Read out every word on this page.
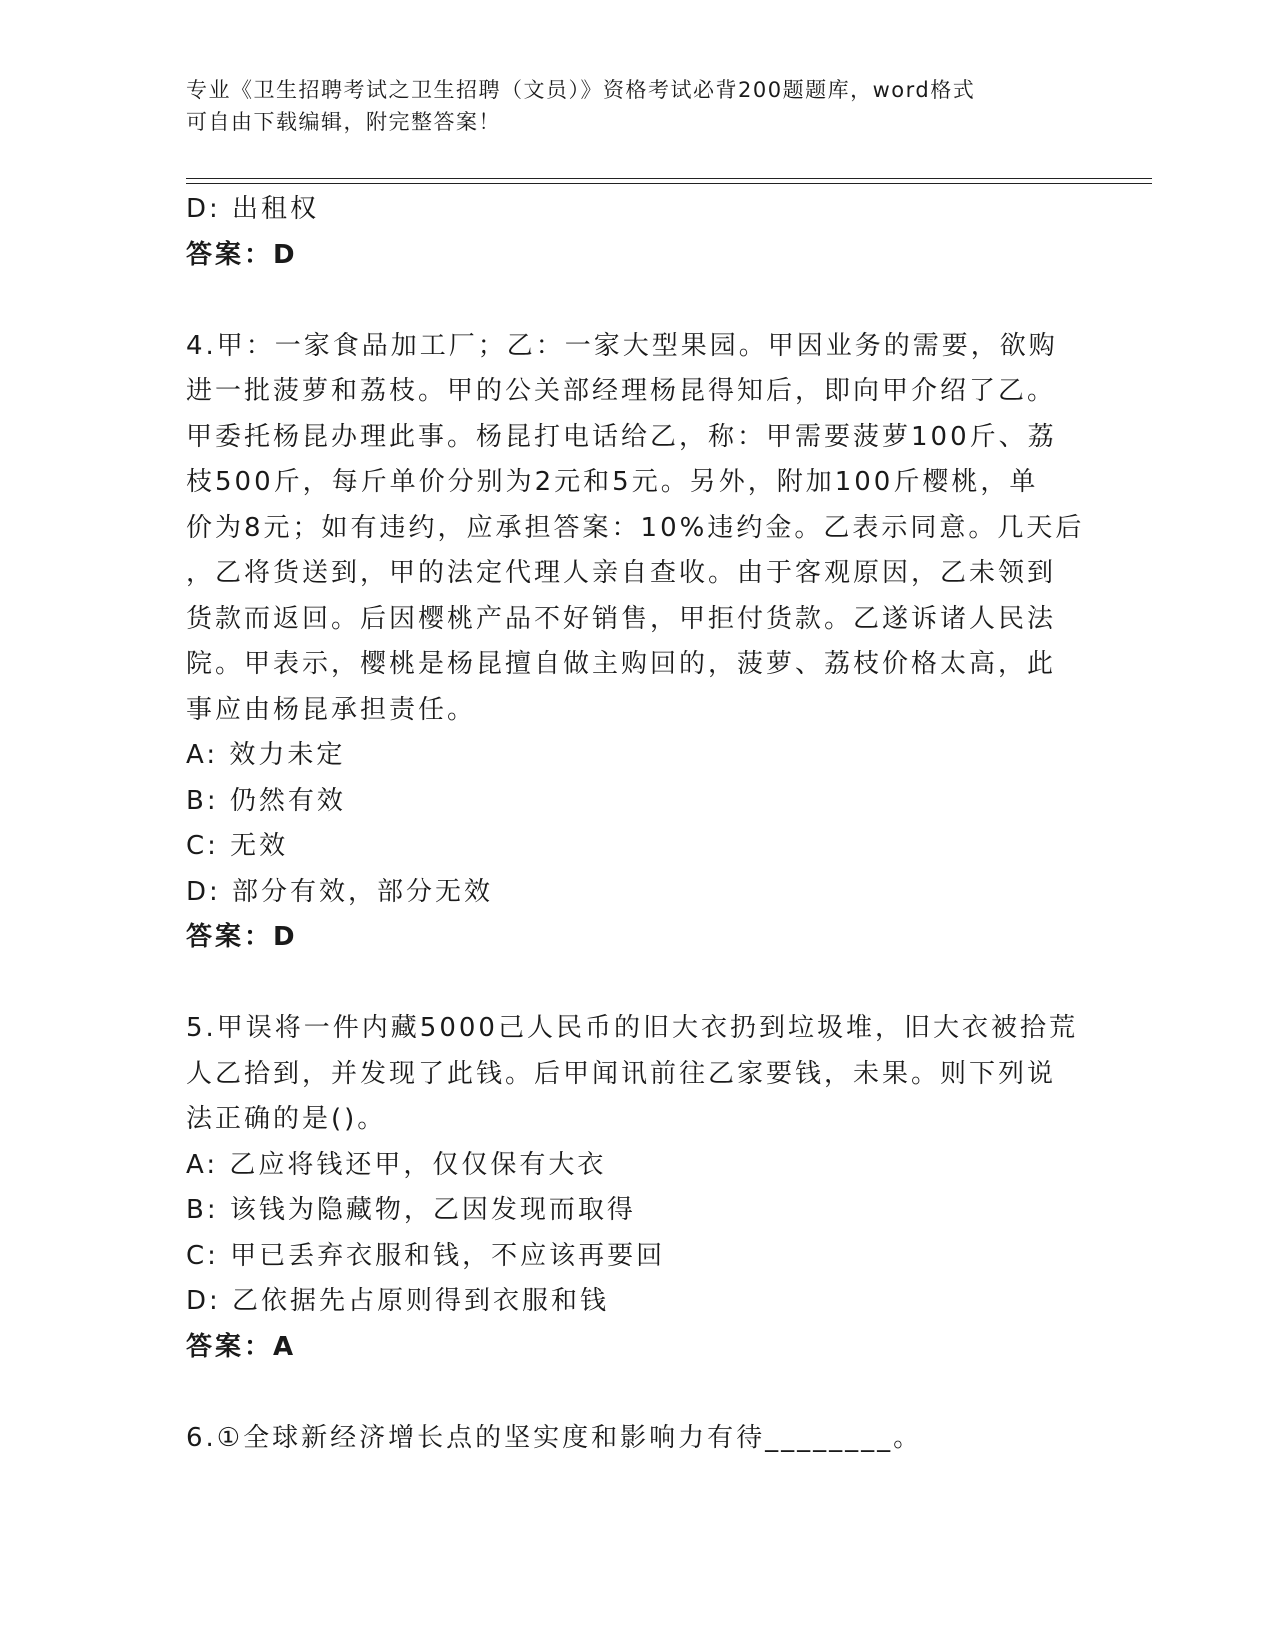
专业《卫生招聘考试之卫生招聘（文员）》资格考试必背200题题库，word格式
可自由下载编辑，附完整答案！
D: 出租权
答案：D
4.甲：一家食品加工厂；乙：一家大型果园。甲因业务的需要，欲购
进一批菠萝和荔枝。甲的公关部经理杨昆得知后，即向甲介绍了乙。
甲委托杨昆办理此事。杨昆打电话给乙，称：甲需要菠萝100斤、荔
枝500斤，每斤单价分别为2元和5元。另外，附加100斤樱桃，单
价为8元；如有违约，应承担答案：10%违约金。乙表示同意。几天后
，乙将货送到，甲的法定代理人亲自查收。由于客观原因，乙未领到
货款而返回。后因樱桃产品不好销售，甲拒付货款。乙遂诉诸人民法
院。甲表示，樱桃是杨昆擅自做主购回的，菠萝、荔枝价格太高，此
事应由杨昆承担责任。
A: 效力未定
B: 仍然有效
C: 无效
D: 部分有效，部分无效
答案：D
5.甲误将一件内藏5000己人民币的旧大衣扔到垃圾堆，旧大衣被拾荒
人乙拾到，并发现了此钱。后甲闻讯前往乙家要钱，未果。则下列说
法正确的是()。
A: 乙应将钱还甲，仅仅保有大衣
B: 该钱为隐藏物，乙因发现而取得
C: 甲已丢弃衣服和钱，不应该再要回
D: 乙依据先占原则得到衣服和钱
答案：A
6.①全球新经济增长点的坚实度和影响力有待________。
